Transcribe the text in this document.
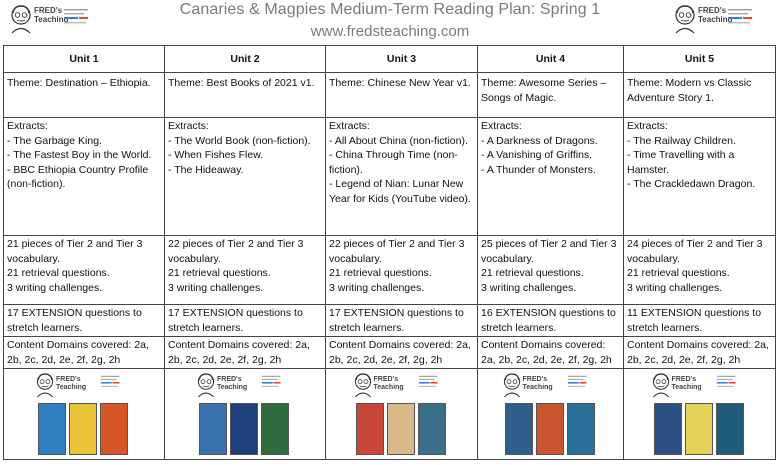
FRED's
Teaching
Canaries & Magpies Medium-Term Reading Plan: Spring 1
www.fredsteaching.com
FRED's
Teaching
Unit 1	Unit 2	Unit 3	Unit 4	Unit 5
Theme: Destination – Ethiopia.	Theme: Best Books of 2021 v1.	Theme: Chinese New Year v1.	Theme: Awesome Series – Songs of Magic.	Theme: Modern vs Classic Adventure Story 1.

Extracts:
- The Garbage King.
- The Fastest Boy in the World.
- BBC Ethiopia Country Profile (non-fiction).	Extracts:
- The World Book (non-fiction).
- When Fishes Flew.
- The Hideaway.	Extracts:
- All About China (non-fiction).
- China Through Time (non-fiction).
- Legend of Nian: Lunar New Year for Kids (YouTube video).	Extracts:
- A Darkness of Dragons.
- A Vanishing of Griffins.
- A Thunder of Monsters.	Extracts:
- The Railway Children.
- Time Travelling with a Hamster.
- The Crackledawn Dragon.

21 pieces of Tier 2 and Tier 3 vocabulary.
21 retrieval questions.
3 writing challenges.	22 pieces of Tier 2 and Tier 3 vocabulary.
21 retrieval questions.
3 writing challenges.	22 pieces of Tier 2 and Tier 3 vocabulary.
21 retrieval questions.
3 writing challenges.	25 pieces of Tier 2 and Tier 3 vocabulary.
21 retrieval questions.
3 writing challenges.	24 pieces of Tier 2 and Tier 3 vocabulary.
21 retrieval questions.
3 writing challenges.

17 EXTENSION questions to stretch learners.	17 EXTENSION questions to stretch learners.	17 EXTENSION questions to stretch learners.	16 EXTENSION questions to stretch learners.	11 EXTENSION questions to stretch learners.
Content Domains covered: 2a, 2b, 2c, 2d, 2e, 2f, 2g, 2h	Content Domains covered: 2a, 2b, 2c, 2d, 2e, 2f, 2g, 2h	Content Domains covered: 2a, 2b, 2c, 2d, 2e, 2f, 2g, 2h	Content Domains covered: 2a, 2b, 2c, 2d, 2e, 2f, 2g, 2h	Content Domains covered: 2a, 2b, 2c, 2d, 2e, 2f, 2g, 2h

FRED's
Teaching	FRED's
Teaching	FRED's
Teaching	FRED's
Teaching	FRED's
Teaching
